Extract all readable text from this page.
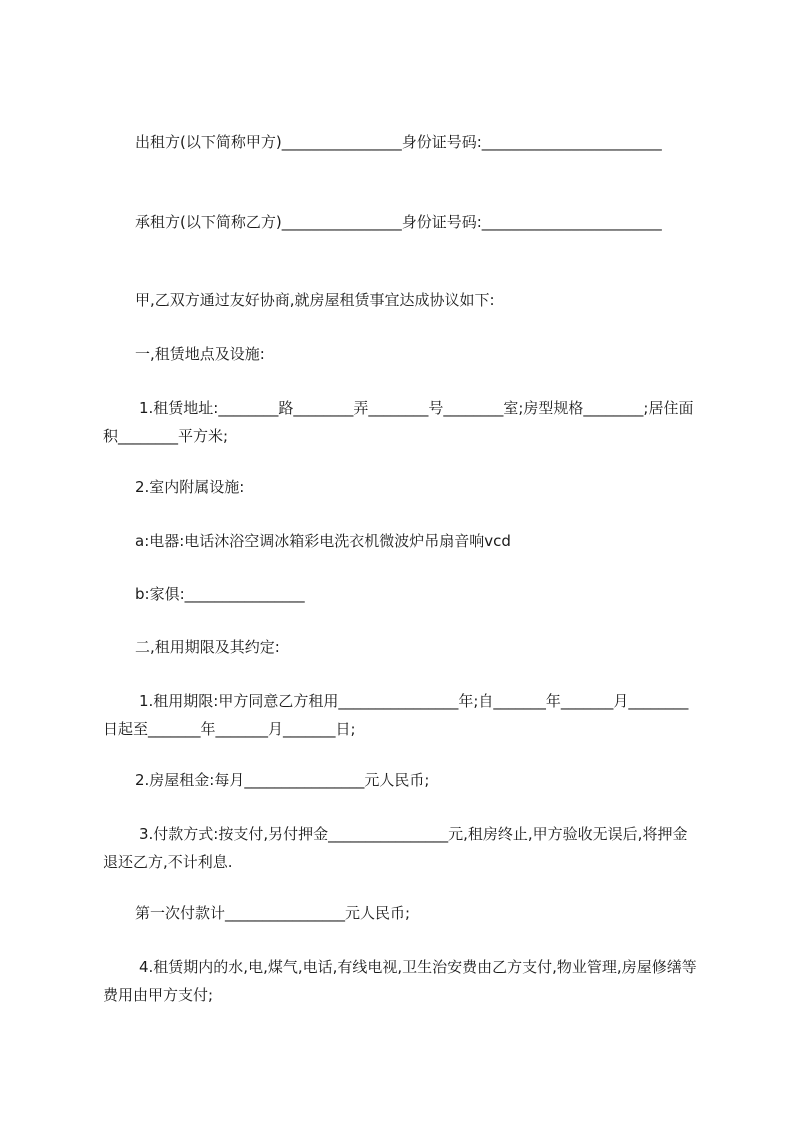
出租方(以下简称甲方)________________身份证号码:________________________

承租方(以下简称乙方)________________身份证号码:________________________

甲,乙双方通过友好协商,就房屋租赁事宜达成协议如下:

一,租赁地点及设施:

1.租赁地址:________路________弄________号________室;房型规格________;居住面积________平方米;

2.室内附属设施:

a:电器:电话沐浴空调冰箱彩电洗衣机微波炉吊扇音响vcd

b:家俱:________________

二,租用期限及其约定:

1.租用期限:甲方同意乙方租用________________年;自_______年_______月________日起至_______年_______月_______日;

2.房屋租金:每月________________元人民币;

3.付款方式:按支付,另付押金________________元,租房终止,甲方验收无误后,将押金退还乙方,不计利息.

第一次付款计________________元人民币;

4.租赁期内的水,电,煤气,电话,有线电视,卫生治安费由乙方支付,物业管理,房屋修缮等费用由甲方支付;
